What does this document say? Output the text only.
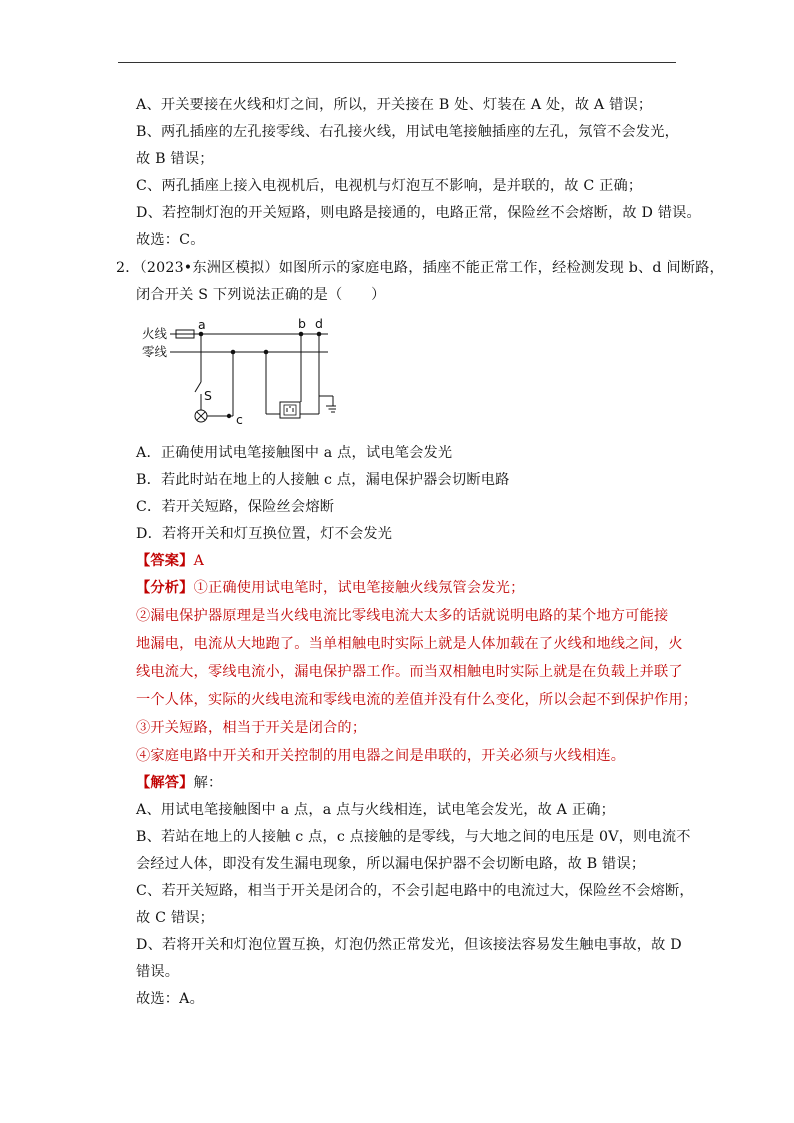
A、开关要接在火线和灯之间，所以，开关接在 B 处、灯装在 A 处，故 A 错误；
B、两孔插座的左孔接零线、右孔接火线，用试电笔接触插座的左孔，氖管不会发光，
故 B 错误；
C、两孔插座上接入电视机后，电视机与灯泡互不影响，是并联的，故 C 正确；
D、若控制灯泡的开关短路，则电路是接通的，电路正常，保险丝不会熔断，故 D 错误。
故选：C。
2．（2023•东洲区模拟）如图所示的家庭电路，插座不能正常工作，经检测发现 b、d 间断路，
闭合开关 S 下列说法正确的是（　　）
火线
零线
a	b d
c
S
A．正确使用试电笔接触图中 a 点，试电笔会发光
B．若此时站在地上的人接触 c 点，漏电保护器会切断电路
C．若开关短路，保险丝会熔断
D．若将开关和灯互换位置，灯不会发光
【答案】A
【分析】①正确使用试电笔时，试电笔接触火线氖管会发光；
②漏电保护器原理是当火线电流比零线电流大太多的话就说明电路的某个地方可能接
地漏电，电流从大地跑了。当单相触电时实际上就是人体加载在了火线和地线之间，火
线电流大，零线电流小，漏电保护器工作。而当双相触电时实际上就是在负载上并联了
一个人体，实际的火线电流和零线电流的差值并没有什么变化，所以会起不到保护作用；
③开关短路，相当于开关是闭合的；
④家庭电路中开关和开关控制的用电器之间是串联的，开关必须与火线相连。
【解答】解：
A、用试电笔接触图中 a 点，a 点与火线相连，试电笔会发光，故 A 正确；
B、若站在地上的人接触 c 点，c 点接触的是零线，与大地之间的电压是 0V，则电流不
会经过人体，即没有发生漏电现象，所以漏电保护器不会切断电路，故 B 错误；
C、若开关短路，相当于开关是闭合的，不会引起电路中的电流过大，保险丝不会熔断，
故 C 错误；
D、若将开关和灯泡位置互换，灯泡仍然正常发光，但该接法容易发生触电事故，故 D
错误。
故选：A。
